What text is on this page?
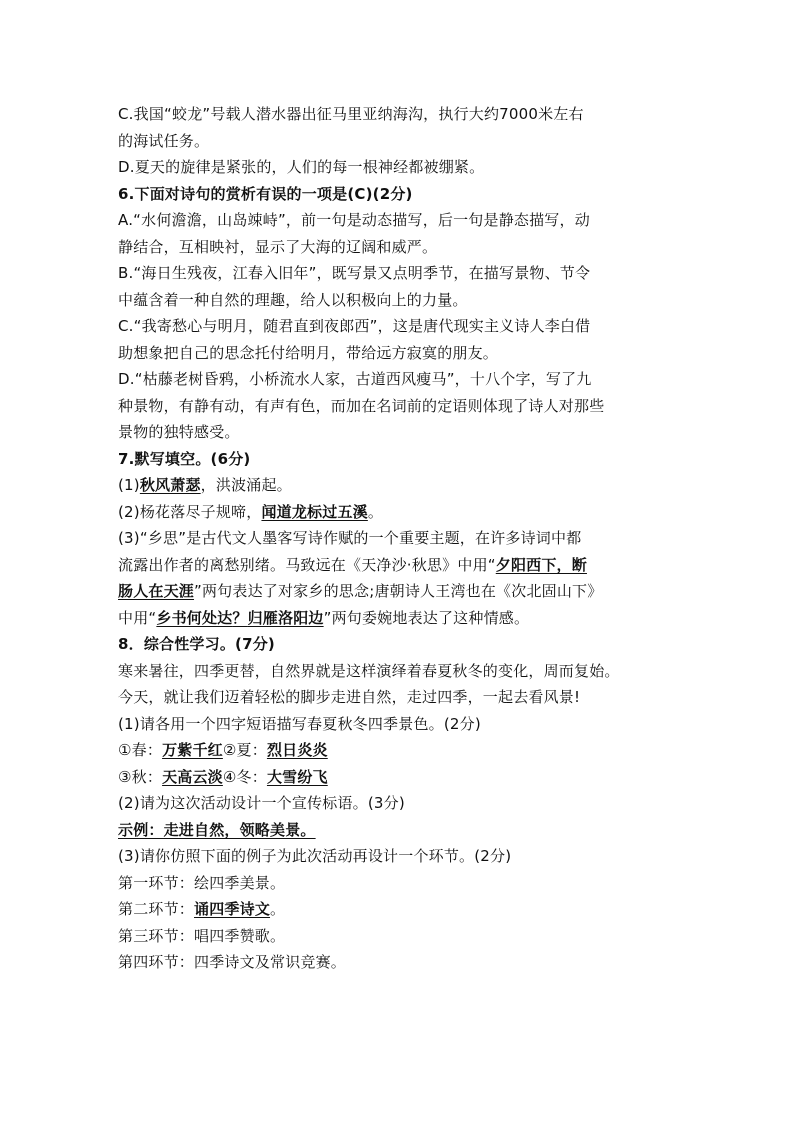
C.我国“蛟龙”号载人潜水器出征马里亚纳海沟，执行大约7000米左右
的海试任务。
D.夏天的旋律是紧张的，人们的每一根神经都被绷紧。
6.下面对诗句的赏析有误的一项是(C)(2分)
A.“水何澹澹，山岛竦峙”，前一句是动态描写，后一句是静态描写，动
静结合，互相映衬，显示了大海的辽阔和威严。
B.“海日生残夜，江春入旧年”，既写景又点明季节，在描写景物、节令
中蕴含着一种自然的理趣，给人以积极向上的力量。
C.“我寄愁心与明月，随君直到夜郎西”，这是唐代现实主义诗人李白借
助想象把自己的思念托付给明月，带给远方寂寞的朋友。
D.“枯藤老树昏鸦，小桥流水人家，古道西风瘦马”，十八个字，写了九
种景物，有静有动，有声有色，而加在名词前的定语则体现了诗人对那些
景物的独特感受。
7.默写填空。(6分)
(1)秋风萧瑟，洪波涌起。
(2)杨花落尽子规啼，闻道龙标过五溪。
(3)“乡思”是古代文人墨客写诗作赋的一个重要主题，在许多诗词中都
流露出作者的离愁别绪。马致远在《天净沙·秋思》中用“夕阳西下，断
肠人在天涯”两句表达了对家乡的思念;唐朝诗人王湾也在《次北固山下》
中用“乡书何处达？归雁洛阳边”两句委婉地表达了这种情感。
8．综合性学习。(7分)
寒来暑往，四季更替，自然界就是这样演绎着春夏秋冬的变化，周而复始。
今天，就让我们迈着轻松的脚步走进自然，走过四季，一起去看风景!
(1)请各用一个四字短语描写春夏秋冬四季景色。(2分)
①春：万紫千红②夏：烈日炎炎
③秋：天高云淡④冬：大雪纷飞
(2)请为这次活动设计一个宣传标语。(3分)
示例：走进自然，领略美景。
(3)请你仿照下面的例子为此次活动再设计一个环节。(2分)
第一环节：绘四季美景。
第二环节：诵四季诗文。
第三环节：唱四季赞歌。
第四环节：四季诗文及常识竞赛。
